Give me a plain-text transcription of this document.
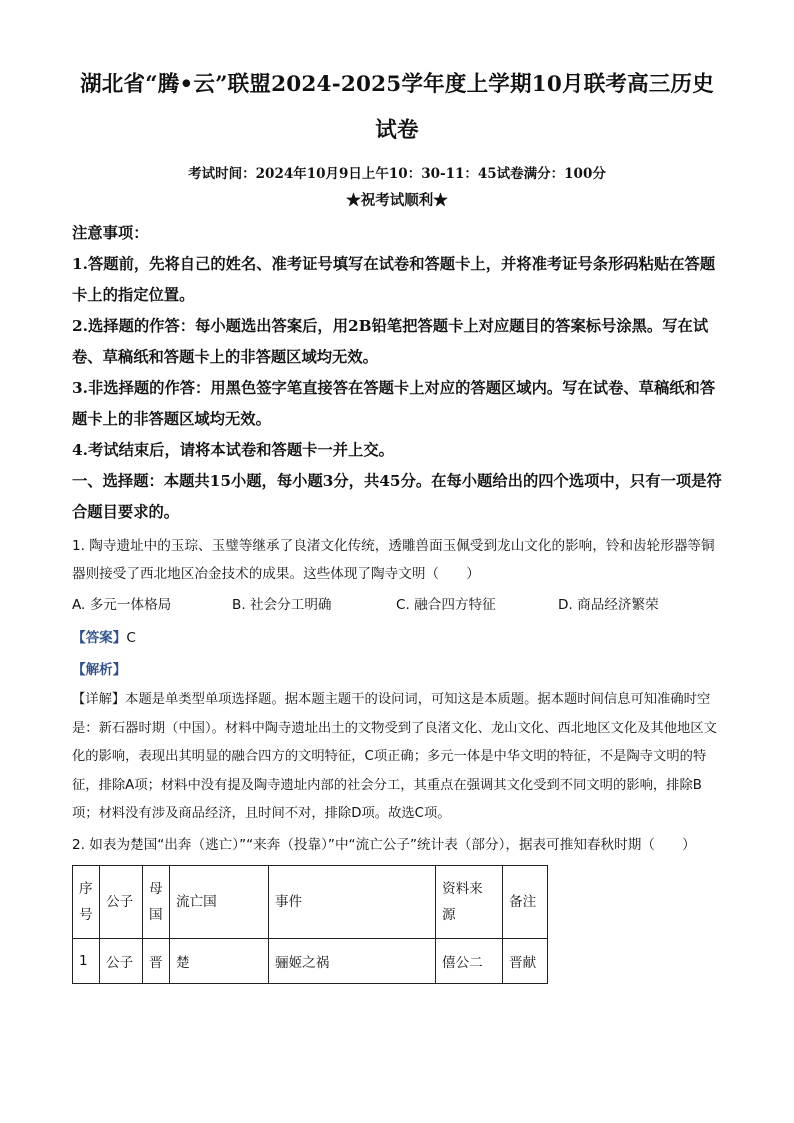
湖北省“腾•云”联盟2024-2025学年度上学期10月联考高三历史
试卷
考试时间：2024年10月9日上午10：30-11：45试卷满分：100分
★祝考试顺利★

注意事项：

1.答题前，先将自己的姓名、准考证号填写在试卷和答题卡上，并将准考证号条形码粘贴在答题卡上的指定位置。

2.选择题的作答：每小题选出答案后，用2B铅笔把答题卡上对应题目的答案标号涂黑。写在试卷、草稿纸和答题卡上的非答题区域均无效。

3.非选择题的作答：用黑色签字笔直接答在答题卡上对应的答题区域内。写在试卷、草稿纸和答题卡上的非答题区域均无效。

4.考试结束后，请将本试卷和答题卡一并上交。

一、选择题：本题共15小题，每小题3分，共45分。在每小题给出的四个选项中，只有一项是符合题目要求的。

1. 陶寺遗址中的玉琮、玉璧等继承了良渚文化传统，透雕兽面玉佩受到龙山文化的影响，铃和齿轮形器等铜器则接受了西北地区冶金技术的成果。这些体现了陶寺文明（　　）

A. 多元一体格局	B. 社会分工明确	C. 融合四方特征	D. 商品经济繁荣
【答案】C
【解析】

【详解】本题是单类型单项选择题。据本题主题干的设问词，可知这是本质题。据本题时间信息可知准确时空是：新石器时期（中国）。材料中陶寺遗址出土的文物受到了良渚文化、龙山文化、西北地区文化及其他地区文化的影响，表现出其明显的融合四方的文明特征，C项正确；多元一体是中华文明的特征，不是陶寺文明的特征，排除A项；材料中没有提及陶寺遗址内部的社会分工，其重点在强调其文化受到不同文明的影响，排除B项；材料没有涉及商品经济，且时间不对，排除D项。故选C项。

2. 如表为楚国“出奔（逃亡）”“来奔（投靠）”中“流亡公子”统计表（部分），据表可推知春秋时期（　　）

序号	公子	母国	流亡国	事件	资料来源	备注
1	公子	晋	楚	骊姬之祸	僖公二	晋献
